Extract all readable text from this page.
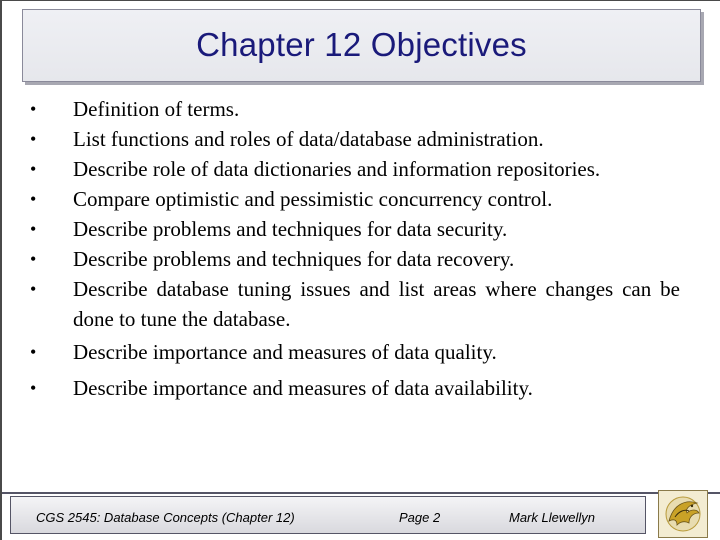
Chapter 12 Objectives
• Definition of terms.
• List functions and roles of data/database administration.
• Describe role of data dictionaries and information repositories.
• Compare optimistic and pessimistic concurrency control.
• Describe problems and techniques for data security.
• Describe problems and techniques for data recovery.
• Describe database tuning issues and list areas where changes can be done to tune the database.
• Describe importance and measures of data quality.
• Describe importance and measures of data availability.
CGS 2545: Database Concepts (Chapter 12)	Page 2	Mark Llewellyn
